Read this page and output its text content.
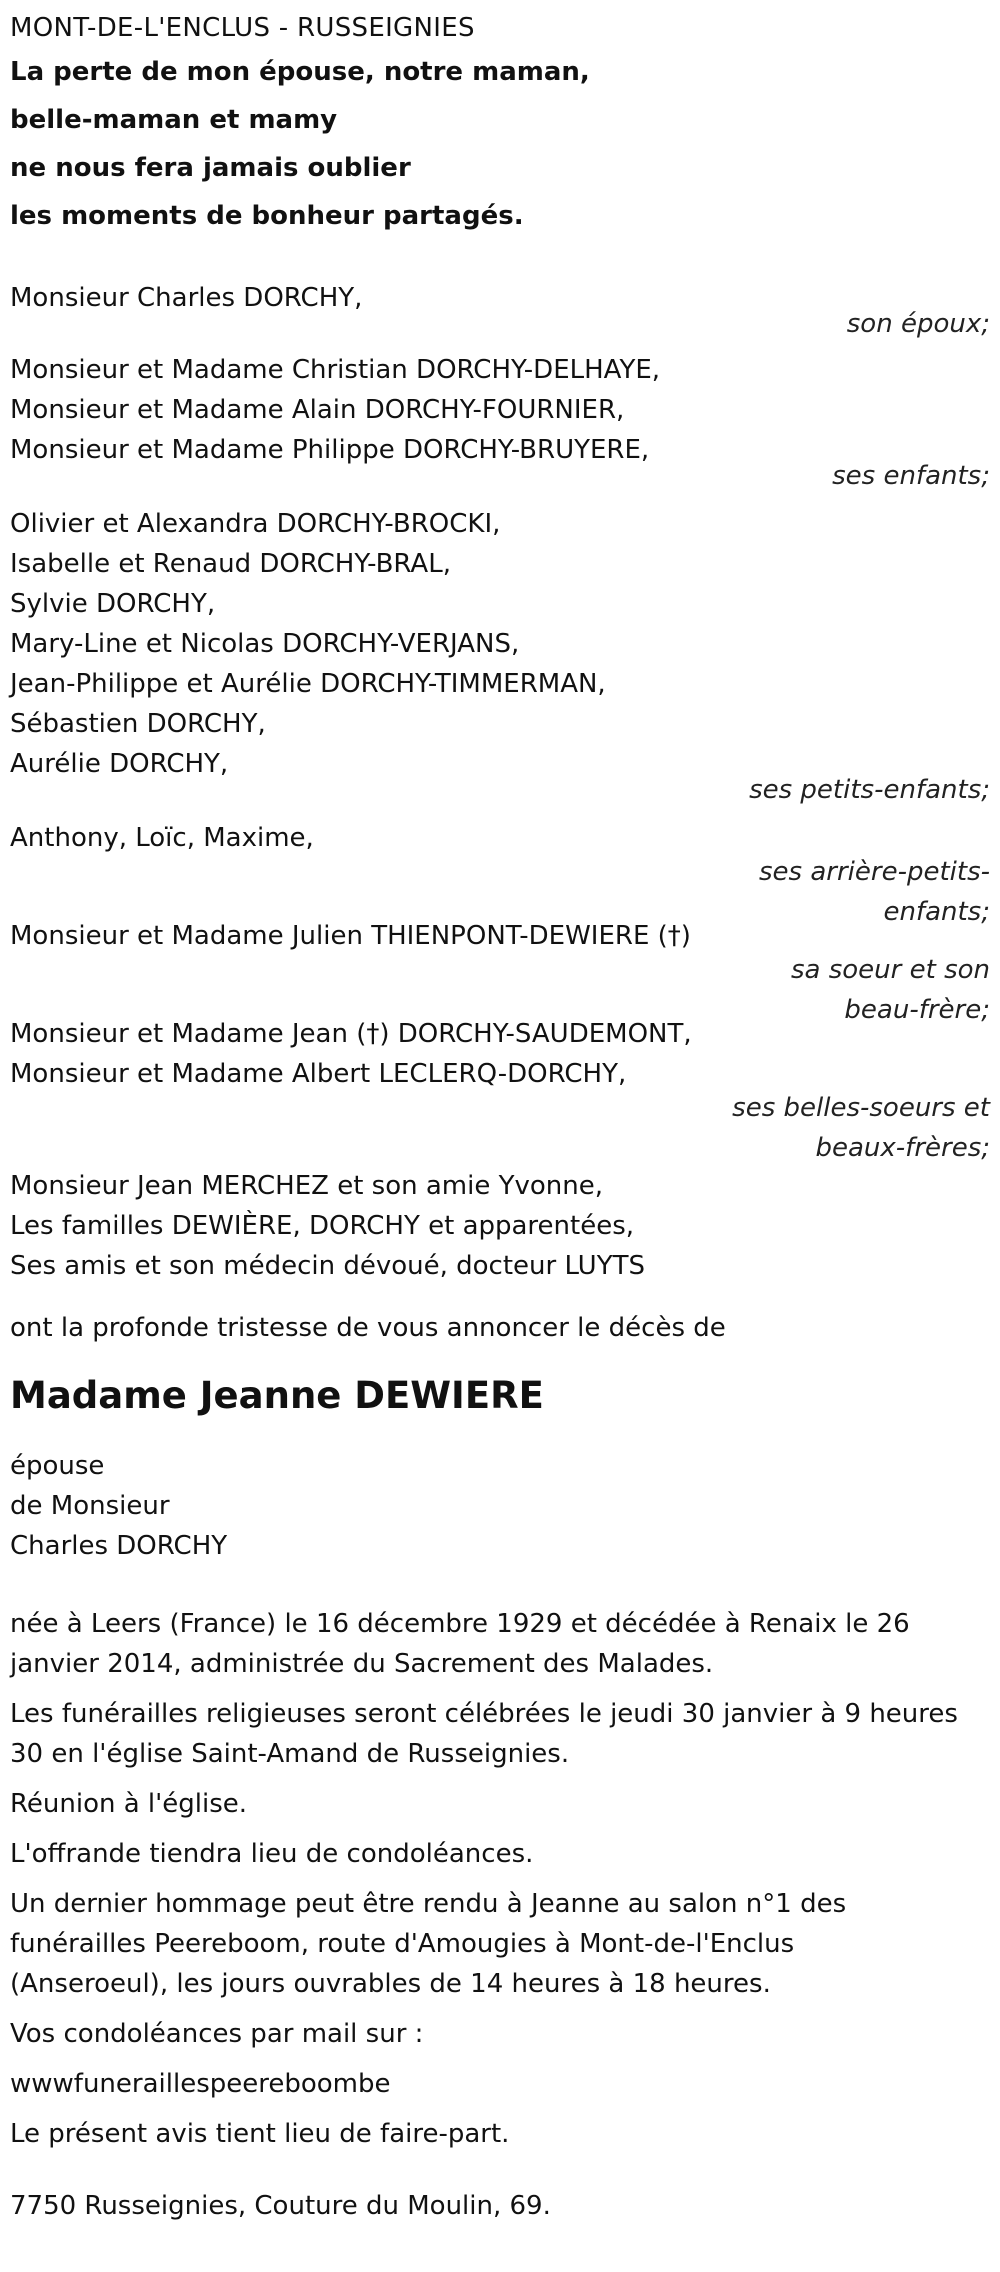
MONT-DE-L'ENCLUS - RUSSEIGNIES
La perte de mon épouse, notre maman,
belle-maman et mamy
ne nous fera jamais oublier
les moments de bonheur partagés.
Monsieur Charles DORCHY,
son époux;
Monsieur et Madame Christian DORCHY-DELHAYE,
Monsieur et Madame Alain DORCHY-FOURNIER,
Monsieur et Madame Philippe DORCHY-BRUYERE,
ses enfants;
Olivier et Alexandra DORCHY-BROCKI,
Isabelle et Renaud DORCHY-BRAL,
Sylvie DORCHY,
Mary-Line et Nicolas DORCHY-VERJANS,
Jean-Philippe et Aurélie DORCHY-TIMMERMAN,
Sébastien DORCHY,
Aurélie DORCHY,
ses petits-enfants;
Anthony, Loïc, Maxime,
ses arrière-petits-
enfants;
Monsieur et Madame Julien THIENPONT-DEWIERE (†)
sa soeur et son
beau-frère;
Monsieur et Madame Jean (†) DORCHY-SAUDEMONT,
Monsieur et Madame Albert LECLERQ-DORCHY,
ses belles-soeurs et
beaux-frères;
Monsieur Jean MERCHEZ et son amie Yvonne,
Les familles DEWIÈRE, DORCHY et apparentées,
Ses amis et son médecin dévoué, docteur LUYTS
ont la profonde tristesse de vous annoncer le décès de
Madame Jeanne DEWIERE
épouse
de Monsieur
Charles DORCHY

née à Leers (France) le 16 décembre 1929 et décédée à Renaix le 26 janvier 2014, administrée du Sacrement des Malades.

Les funérailles religieuses seront célébrées le jeudi 30 janvier à 9 heures 30 en l'église Saint-Amand de Russeignies.

Réunion à l'église.

L'offrande tiendra lieu de condoléances.

Un dernier hommage peut être rendu à Jeanne au salon n°1 des funérailles Peereboom, route d'Amougies à Mont-de-l'Enclus (Anseroeul), les jours ouvrables de 14 heures à 18 heures.

Vos condoléances par mail sur :

wwwfuneraillespeereboombe

Le présent avis tient lieu de faire-part.

7750 Russeignies, Couture du Moulin, 69.
